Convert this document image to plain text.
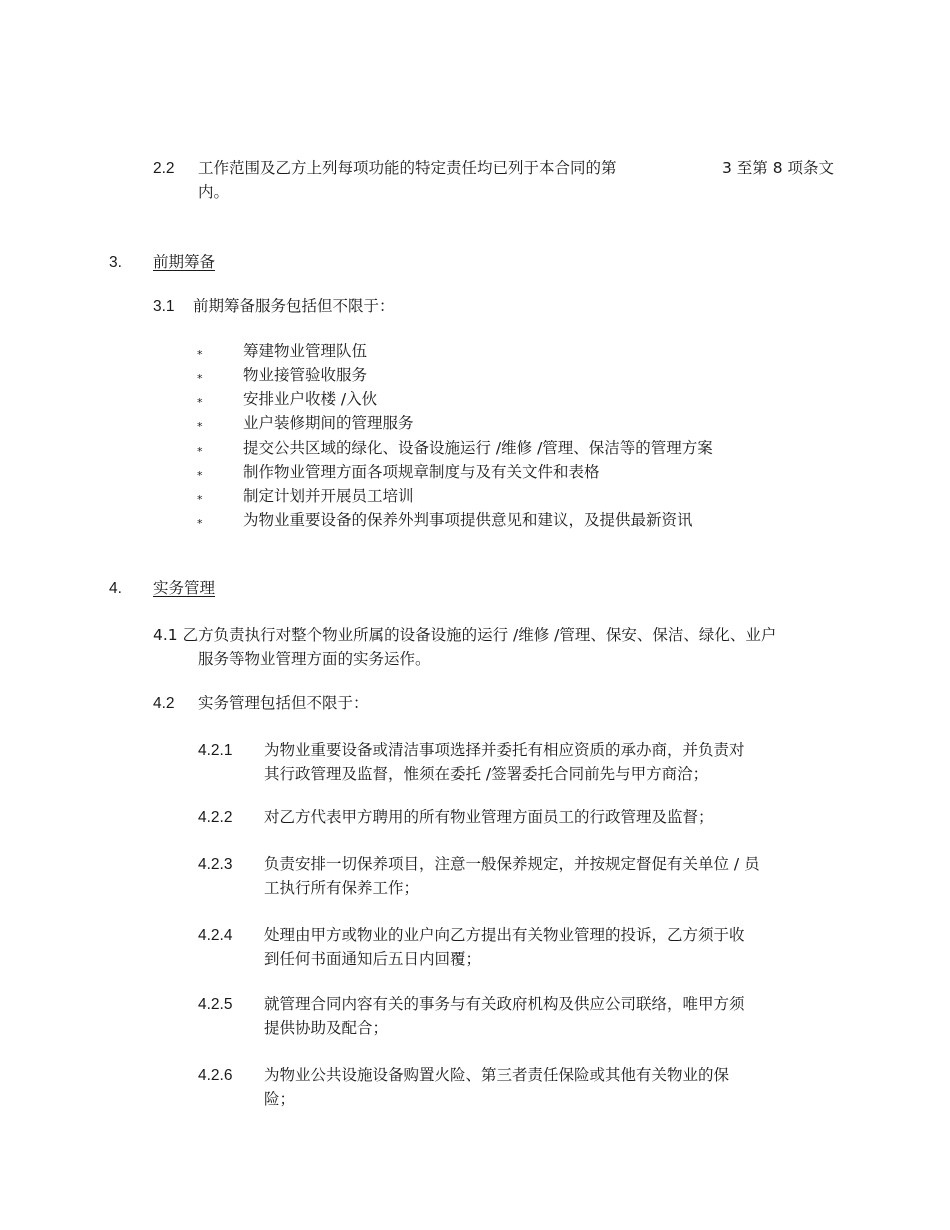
2.2 工作范围及乙方上列每项功能的特定责任均已列于本合同的第	3 至第 8 项条文
内。
3. 前期筹备
3.1 前期筹备服务包括但不限于：
*	筹建物业管理队伍
*	物业接管验收服务
*	安排业户收楼 /入伙
*	业户装修期间的管理服务
*	提交公共区域的绿化、设备设施运行 /维修 /管理、保洁等的管理方案
*	制作物业管理方面各项规章制度与及有关文件和表格
*	制定计划并开展员工培训
*	为物业重要设备的保养外判事项提供意见和建议，及提供最新资讯
4. 实务管理
4.1 乙方负责执行对整个物业所属的设备设施的运行 /维修 /管理、保安、保洁、绿化、业户
服务等物业管理方面的实务运作。
4.2 实务管理包括但不限于：
4.2.1 为物业重要设备或清洁事项选择并委托有相应资质的承办商，并负责对
其行政管理及监督，惟须在委托 /签署委托合同前先与甲方商洽；
4.2.2 对乙方代表甲方聘用的所有物业管理方面员工的行政管理及监督；
4.2.3 负责安排一切保养项目，注意一般保养规定，并按规定督促有关单位 / 员
工执行所有保养工作；
4.2.4 处理由甲方或物业的业户向乙方提出有关物业管理的投诉，乙方须于收
到任何书面通知后五日内回覆；
4.2.5 就管理合同内容有关的事务与有关政府机构及供应公司联络，唯甲方须
提供协助及配合；
4.2.6 为物业公共设施设备购置火险、第三者责任保险或其他有关物业的保
险；
